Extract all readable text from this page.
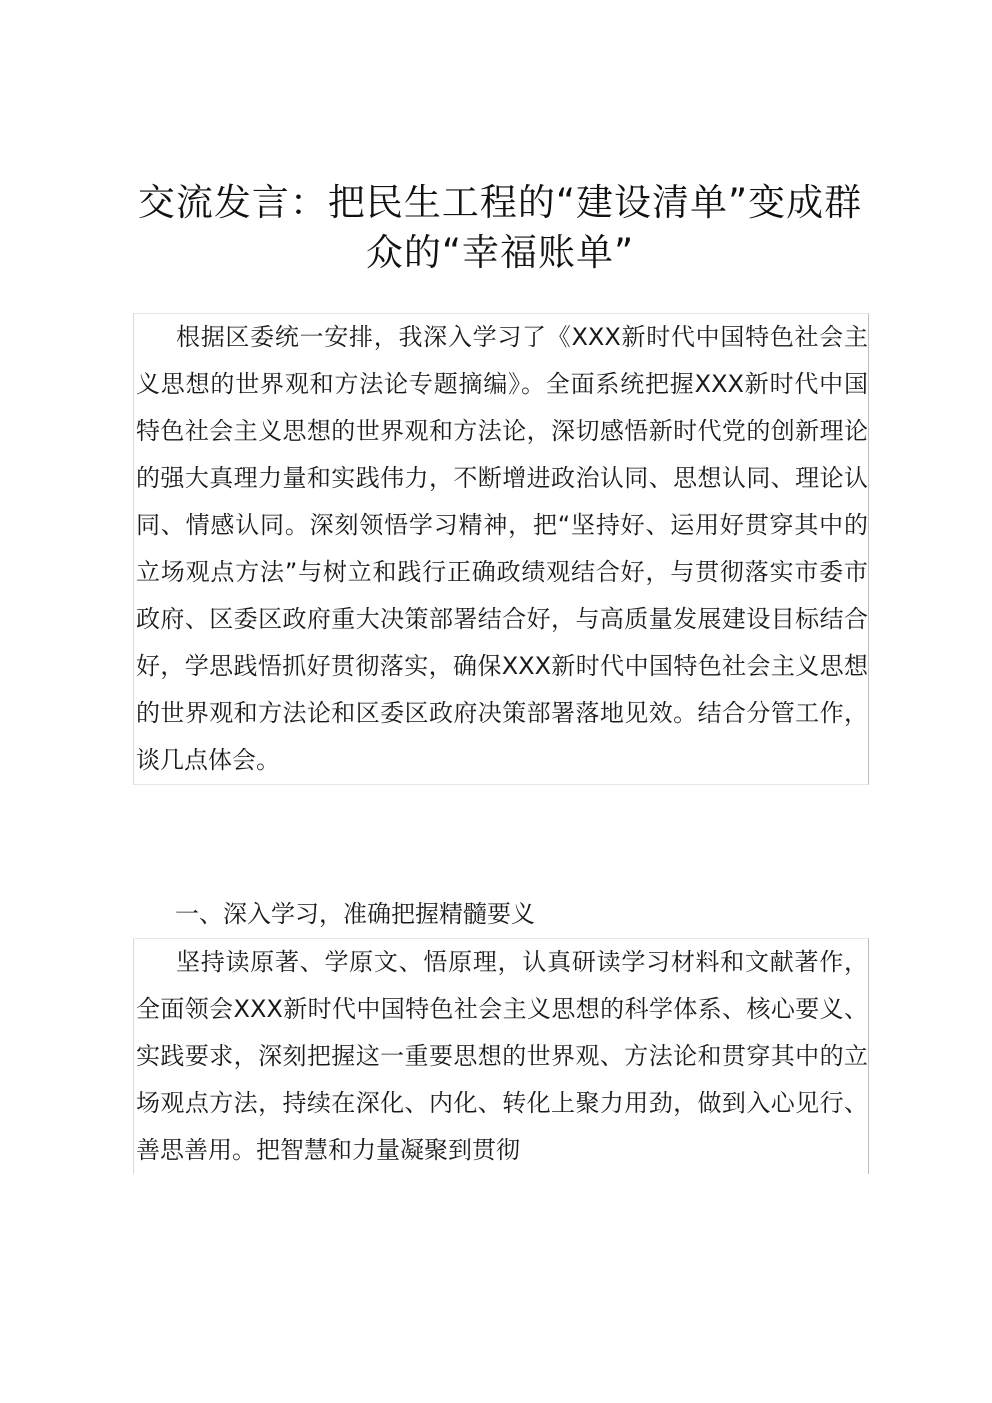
交流发言：把民生工程的“建设清单”变成群众的“幸福账单”

根据区委统一安排，我深入学习了《XXX新时代中国特色社会主义思想的世界观和方法论专题摘编》。全面系统把握XXX新时代中国特色社会主义思想的世界观和方法论，深切感悟新时代党的创新理论的强大真理力量和实践伟力，不断增进政治认同、思想认同、理论认同、情感认同。深刻领悟学习精神，把“坚持好、运用好贯穿其中的立场观点方法”与树立和践行正确政绩观结合好，与贯彻落实市委市政府、区委区政府重大决策部署结合好，与高质量发展建设目标结合好，学思践悟抓好贯彻落实，确保XXX新时代中国特色社会主义思想的世界观和方法论和区委区政府决策部署落地见效。结合分管工作，谈几点体会。

一、深入学习，准确把握精髓要义

坚持读原著、学原文、悟原理，认真研读学习材料和文献著作，全面领会XXX新时代中国特色社会主义思想的科学体系、核心要义、实践要求，深刻把握这一重要思想的世界观、方法论和贯穿其中的立场观点方法，持续在深化、内化、转化上聚力用劲，做到入心见行、善思善用。把智慧和力量凝聚到贯彻
